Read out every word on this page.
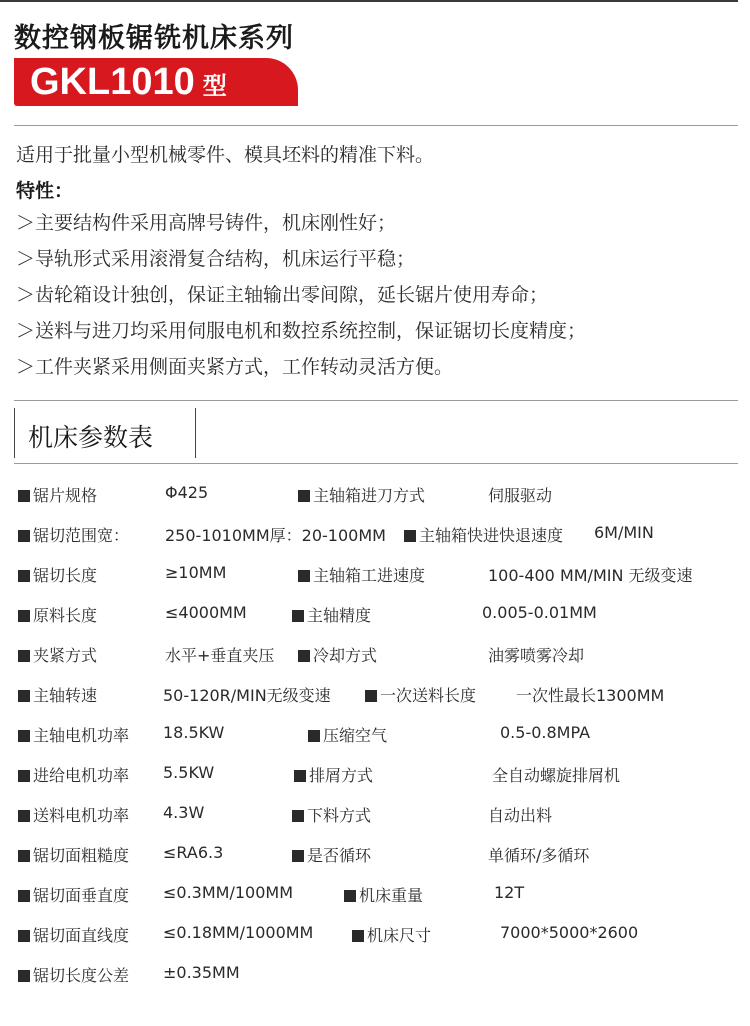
数控钢板锯铣机床系列
GKL1010 型
适用于批量小型机械零件、模具坯料的精准下料。
特性：
＞主要结构件采用高牌号铸件，机床刚性好；
＞导轨形式采用滚滑复合结构，机床运行平稳；
＞齿轮箱设计独创，保证主轴输出零间隙，延长锯片使用寿命；
＞送料与进刀均采用伺服电机和数控系统控制，保证锯切长度精度；
＞工件夹紧采用侧面夹紧方式，工作转动灵活方便。
机床参数表
锯片规格	Φ425	主轴箱进刀方式	伺服驱动
锯切范围宽： 250-1010MM厚：20-100MM	主轴箱快进快退速度 6M/MIN
锯切长度	≥10MM	主轴箱工进速度	100-400 MM/MIN 无级变速
原料长度	≤4000MM	主轴精度	0.005-0.01MM
夹紧方式	水平+垂直夹压	冷却方式	油雾喷雾冷却
主轴转速	50-120R/MIN无级变速	一次送料长度 一次性最长1300MM
主轴电机功率 18.5KW	压缩空气	0.5-0.8MPA
进给电机功率 5.5KW	排屑方式	全自动螺旋排屑机
送料电机功率 4.3W	下料方式	自动出料
锯切面粗糙度 ≤RA6.3	是否循环	单循环/多循环
锯切面垂直度 ≤0.3MM/100MM	机床重量	12T
锯切面直线度 ≤0.18MM/1000MM	机床尺寸	7000*5000*2600
锯切长度公差 ±0.35MM
